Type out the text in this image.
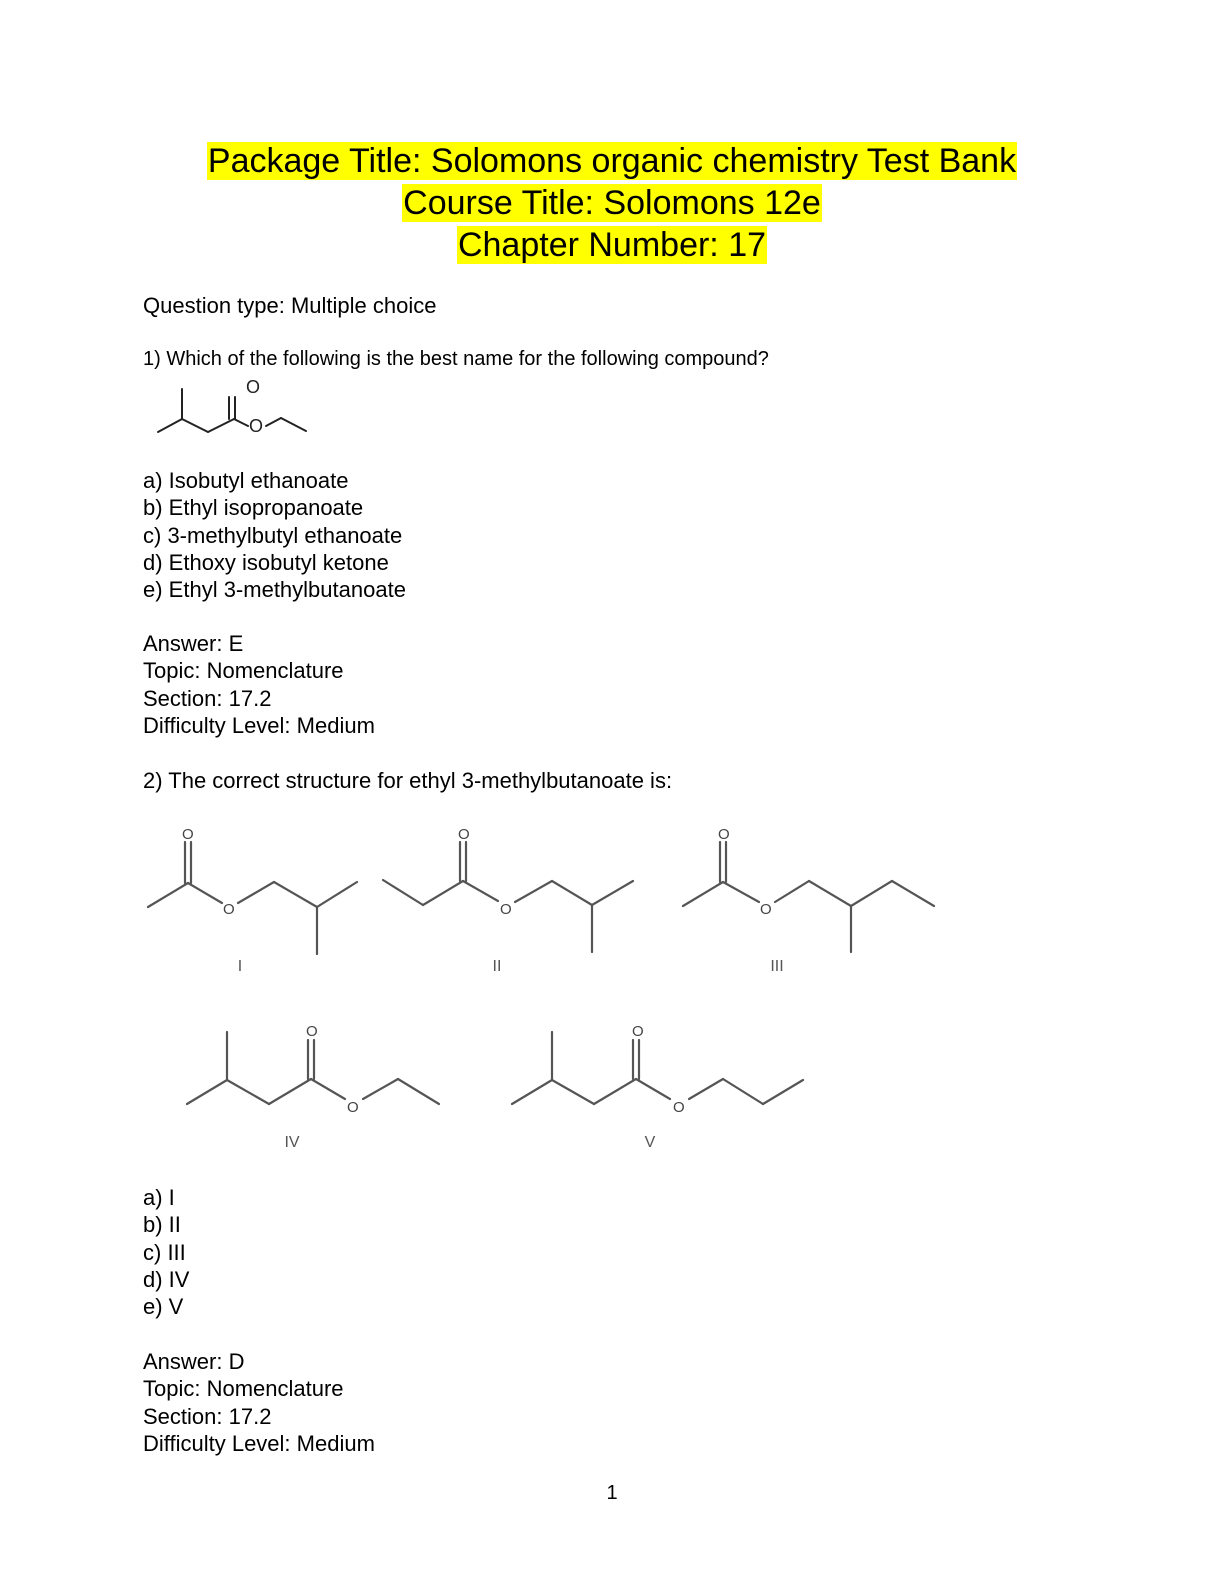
Package Title: Solomons organic chemistry Test Bank
Course Title: Solomons 12e
Chapter Number: 17
Question type: Multiple choice
1) Which of the following is the best name for the following compound?
O
O
a) Isobutyl ethanoate
b) Ethyl isopropanoate
c) 3-methylbutyl ethanoate
d) Ethoxy isobutyl ketone
e) Ethyl 3-methylbutanoate
Answer: E
Topic: Nomenclature
Section: 17.2
Difficulty Level: Medium
2) The correct structure for ethyl 3-methylbutanoate is:
O
O
I
O
O
II
O
O
III
O
O
IV
O
O
V
a) I
b) II
c) III
d) IV
e) V
Answer: D
Topic: Nomenclature
Section: 17.2
Difficulty Level: Medium
1
